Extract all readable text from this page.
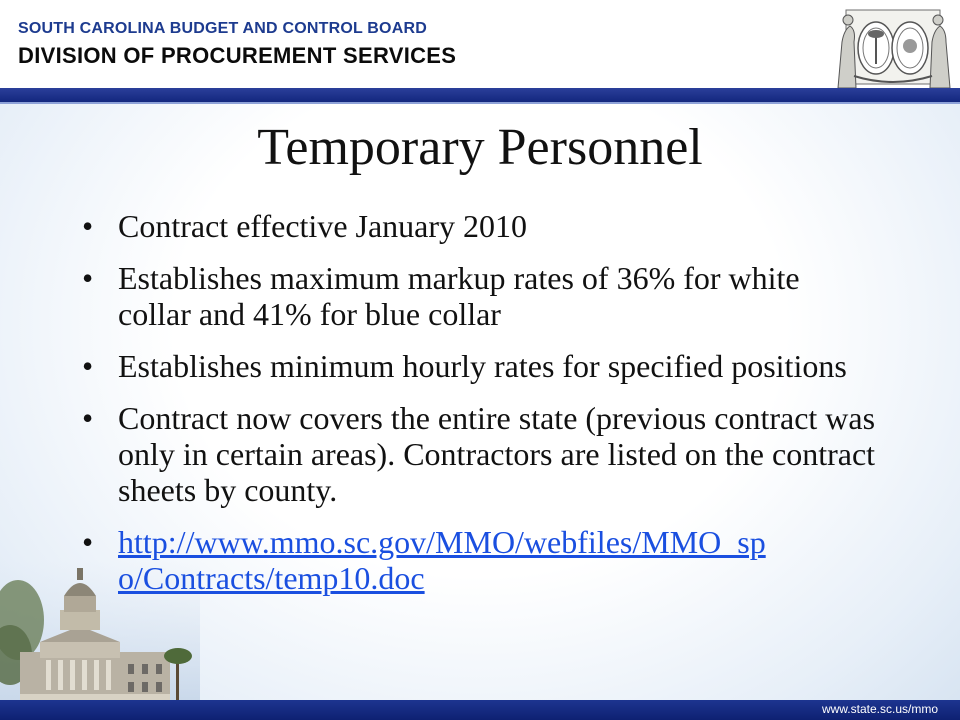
SOUTH CAROLINA BUDGET AND CONTROL BOARD
DIVISION OF PROCUREMENT SERVICES
Temporary Personnel
• Contract effective January 2010
• Establishes maximum markup rates of 36% for white collar and 41% for blue collar
• Establishes minimum hourly rates for specified positions
• Contract now covers the entire state (previous contract was only in certain areas). Contractors are listed on the contract sheets by county.
• http://www.mmo.sc.gov/MMO/webfiles/MMO_sp
o/Contracts/temp10.doc
www.state.sc.us/mmo
